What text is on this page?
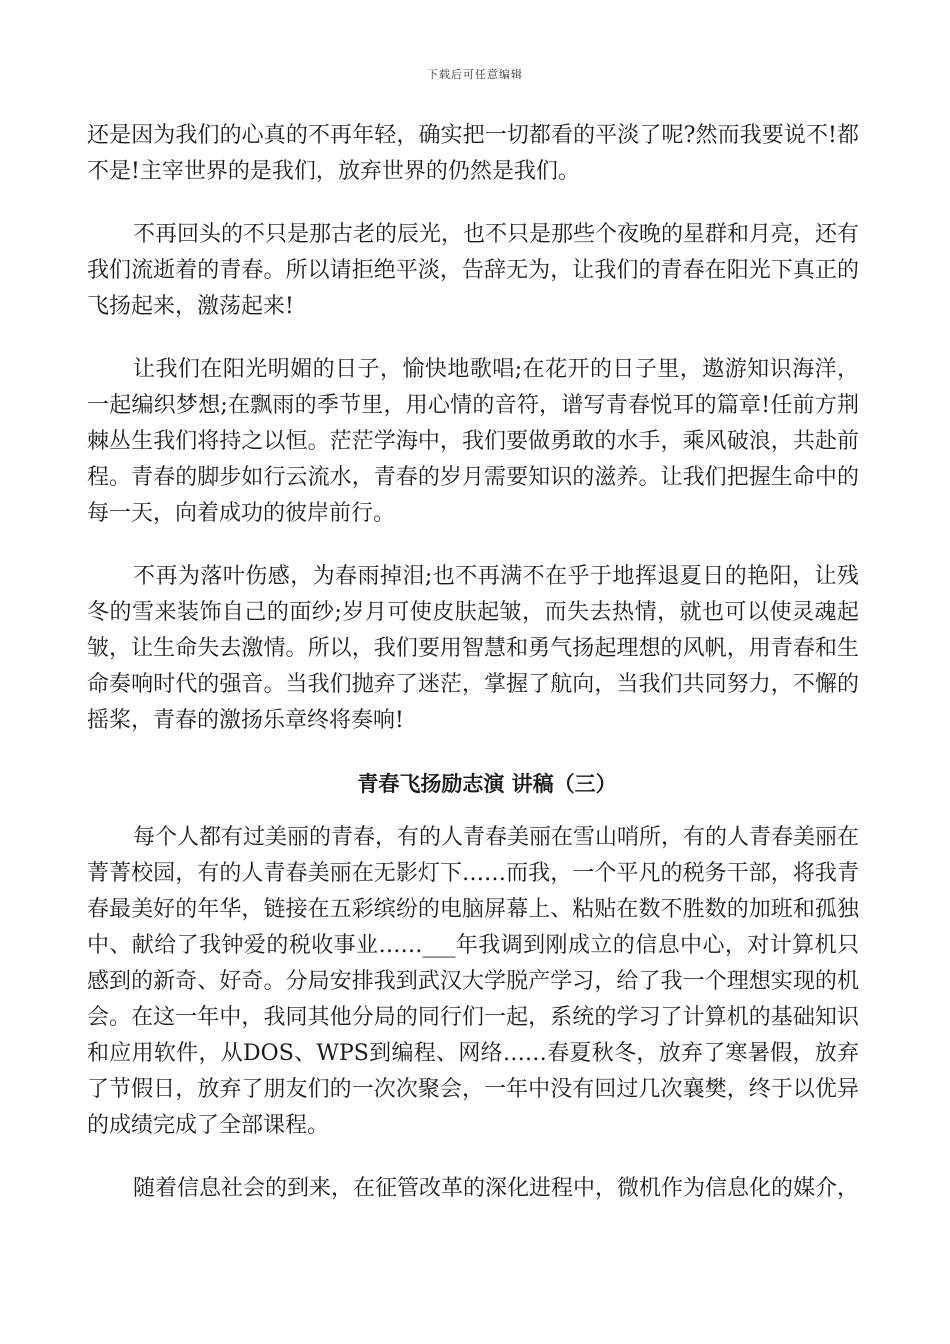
下载后可任意编辑

还是因为我们的心真的不再年轻，确实把一切都看的平淡了呢?然而我要说不!都不是!主宰世界的是我们，放弃世界的仍然是我们。

不再回头的不只是那古老的辰光，也不只是那些个夜晚的星群和月亮，还有我们流逝着的青春。所以请拒绝平淡，告辞无为，让我们的青春在阳光下真正的飞扬起来，激荡起来!

让我们在阳光明媚的日子，愉快地歌唱;在花开的日子里，遨游知识海洋，一起编织梦想;在飘雨的季节里，用心情的音符，谱写青春悦耳的篇章!任前方荆棘丛生我们将持之以恒。茫茫学海中，我们要做勇敢的水手，乘风破浪，共赴前程。青春的脚步如行云流水，青春的岁月需要知识的滋养。让我们把握生命中的每一天，向着成功的彼岸前行。

不再为落叶伤感，为春雨掉泪;也不再满不在乎于地挥退夏日的艳阳，让残冬的雪来装饰自己的面纱;岁月可使皮肤起皱，而失去热情，就也可以使灵魂起皱，让生命失去激情。所以，我们要用智慧和勇气扬起理想的风帆，用青春和生命奏响时代的强音。当我们抛弃了迷茫，掌握了航向，当我们共同努力，不懈的摇桨，青春的激扬乐章终将奏响!

青春飞扬励志演 讲稿（三）

每个人都有过美丽的青春，有的人青春美丽在雪山哨所，有的人青春美丽在菁菁校园，有的人青春美丽在无影灯下……而我，一个平凡的税务干部，将我青春最美好的年华，链接在五彩缤纷的电脑屏幕上、粘贴在数不胜数的加班和孤独中、献给了我钟爱的税收事业……___年我调到刚成立的信息中心，对计算机只感到的新奇、好奇。分局安排我到武汉大学脱产学习，给了我一个理想实现的机会。在这一年中，我同其他分局的同行们一起，系统的学习了计算机的基础知识和应用软件，从DOS、WPS到编程、网络……春夏秋冬，放弃了寒暑假，放弃了节假日，放弃了朋友们的一次次聚会，一年中没有回过几次襄樊，终于以优异的成绩完成了全部课程。

随着信息社会的到来，在征管改革的深化进程中，微机作为信息化的媒介，
